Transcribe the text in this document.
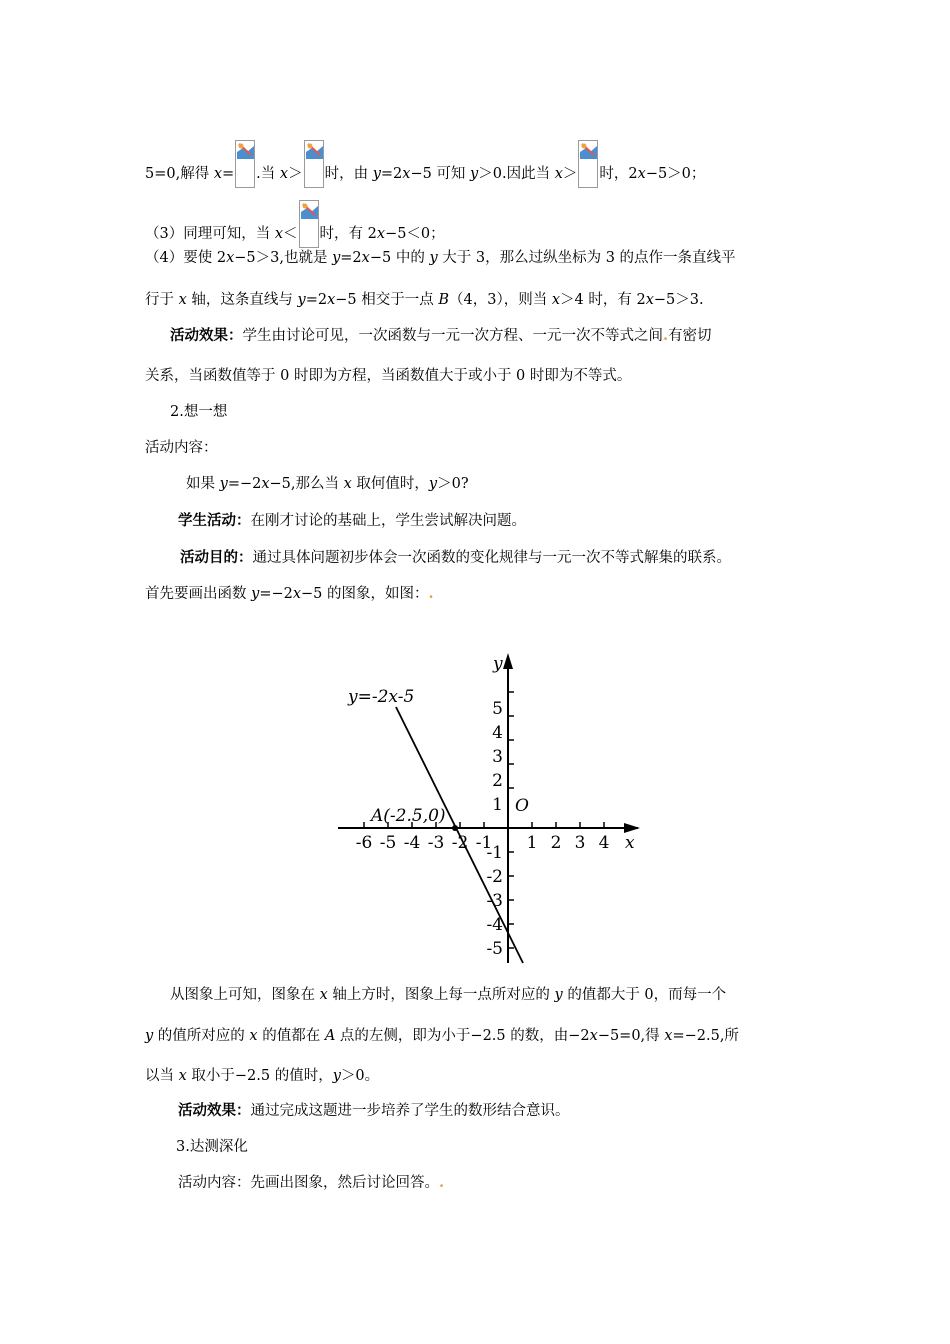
5=0,解得 x= .当 x＞ 时，由 y=2x−5 可知 y＞0.因此当 x＞ 时，2x−5＞0；
（3）同理可知，当 x＜ 时，有 2x−5＜0；
（4）要使 2x−5＞3,也就是 y=2x−5 中的 y 大于 3，那么过纵坐标为 3 的点作一条直线平
行于 x 轴，这条直线与 y=2x−5 相交于一点 B（4，3），则当 x＞4 时，有 2x−5＞3.
活动效果：学生由讨论可见，一次函数与一元一次方程、一元一次不等式之间.有密切
关系，当函数值等于 0 时即为方程，当函数值大于或小于 0 时即为不等式。
2.想一想
活动内容：
如果 y=−2x−5,那么当 x 取何值时，y＞0?
学生活动：在刚才讨论的基础上，学生尝试解决问题。
活动目的：通过具体问题初步体会一次函数的变化规律与一元一次不等式解集的联系。
首先要画出函数 y=−2x−5 的图象，如图：.
y=-2x-5
A(-2.5,0)	O
x
y
-6 -5 -4 -3 -2 -1 1 2 3 4
5
4
3
2
1
-1
-2
-3
-4
-5
从图象上可知，图象在 x 轴上方时，图象上每一点所对应的 y 的值都大于 0，而每一个
y 的值所对应的 x 的值都在 A 点的左侧，即为小于−2.5 的数，由−2x−5=0,得 x=−2.5,所
以当 x 取小于−2.5 的值时，y＞0。
活动效果：通过完成这题进一步培养了学生的数形结合意识。
3.达测深化
活动内容：先画出图象，然后讨论回答。.
